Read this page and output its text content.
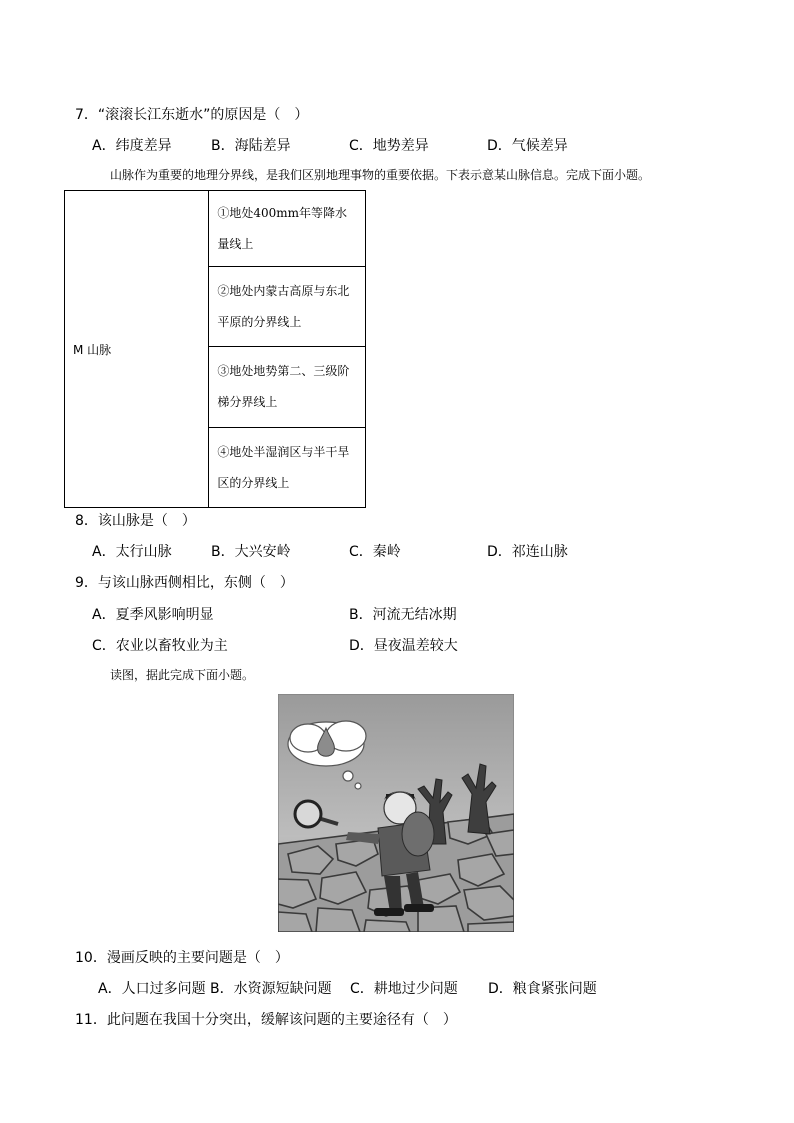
7．“滚滚长江东逝水”的原因是（　）
A．纬度差异	B．海陆差异	C．地势差异	D．气候差异
山脉作为重要的地理分界线，是我们区别地理事物的重要依据。下表示意某山脉信息。完成下面小题。
M 山脉	①地处400mm年等降水量线上
②地处内蒙古高原与东北平原的分界线上
③地处地势第二、三级阶梯分界线上
④地处半湿润区与半干旱区的分界线上
8．该山脉是（　）
A．太行山脉	B．大兴安岭	C．秦岭	D．祁连山脉
9．与该山脉西侧相比，东侧（　）
A．夏季风影响明显	B．河流无结冰期
C．农业以畜牧业为主	D．昼夜温差较大
读图，据此完成下面小题。
10．漫画反映的主要问题是（　）
A．人口过多问题 B．水资源短缺问题 C．耕地过少问题 D．粮食紧张问题
11．此问题在我国十分突出，缓解该问题的主要途径有（　）
